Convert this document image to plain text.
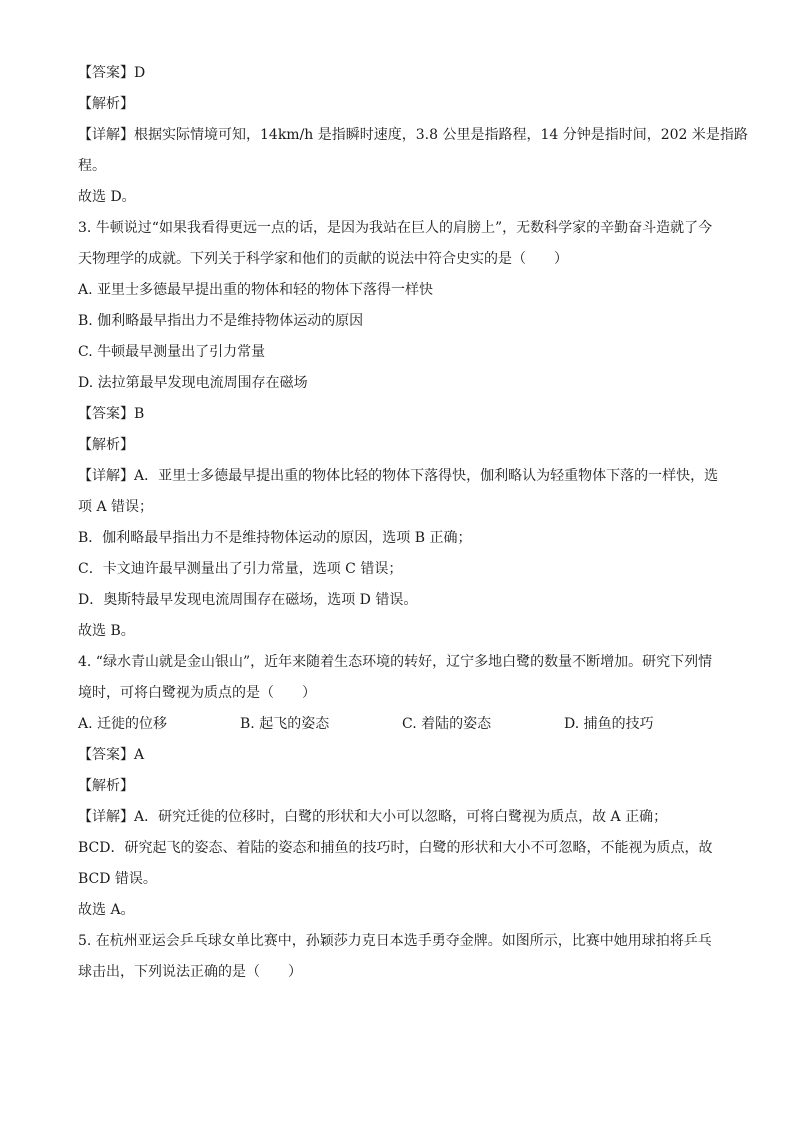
【答案】D
【解析】
【详解】根据实际情境可知，14km/h 是指瞬时速度，3.8 公里是指路程，14 分钟是指时间，202 米是指路
程。
故选 D。
3. 牛顿说过“如果我看得更远一点的话，是因为我站在巨人的肩膀上”，无数科学家的辛勤奋斗造就了今
天物理学的成就。下列关于科学家和他们的贡献的说法中符合史实的是（　　）
A. 亚里士多德最早提出重的物体和轻的物体下落得一样快
B. 伽利略最早指出力不是维持物体运动的原因
C. 牛顿最早测量出了引力常量
D. 法拉第最早发现电流周围存在磁场
【答案】B
【解析】
【详解】A．亚里士多德最早提出重的物体比轻的物体下落得快，伽利略认为轻重物体下落的一样快，选
项 A 错误；
B．伽利略最早指出力不是维持物体运动的原因，选项 B 正确；
C．卡文迪许最早测量出了引力常量，选项 C 错误；
D．奥斯特最早发现电流周围存在磁场，选项 D 错误。
故选 B。
4. “绿水青山就是金山银山”，近年来随着生态环境的转好，辽宁多地白鹭的数量不断增加。研究下列情
境时，可将白鹭视为质点的是（　　）
A. 迁徙的位移	B. 起飞的姿态	C. 着陆的姿态	D. 捕鱼的技巧
【答案】A
【解析】
【详解】A．研究迁徙的位移时，白鹭的形状和大小可以忽略，可将白鹭视为质点，故 A 正确；
BCD．研究起飞的姿态、着陆的姿态和捕鱼的技巧时，白鹭的形状和大小不可忽略，不能视为质点，故
BCD 错误。
故选 A。
5. 在杭州亚运会乒乓球女单比赛中，孙颖莎力克日本选手勇夺金牌。如图所示，比赛中她用球拍将乒乓
球击出，下列说法正确的是（　　）
